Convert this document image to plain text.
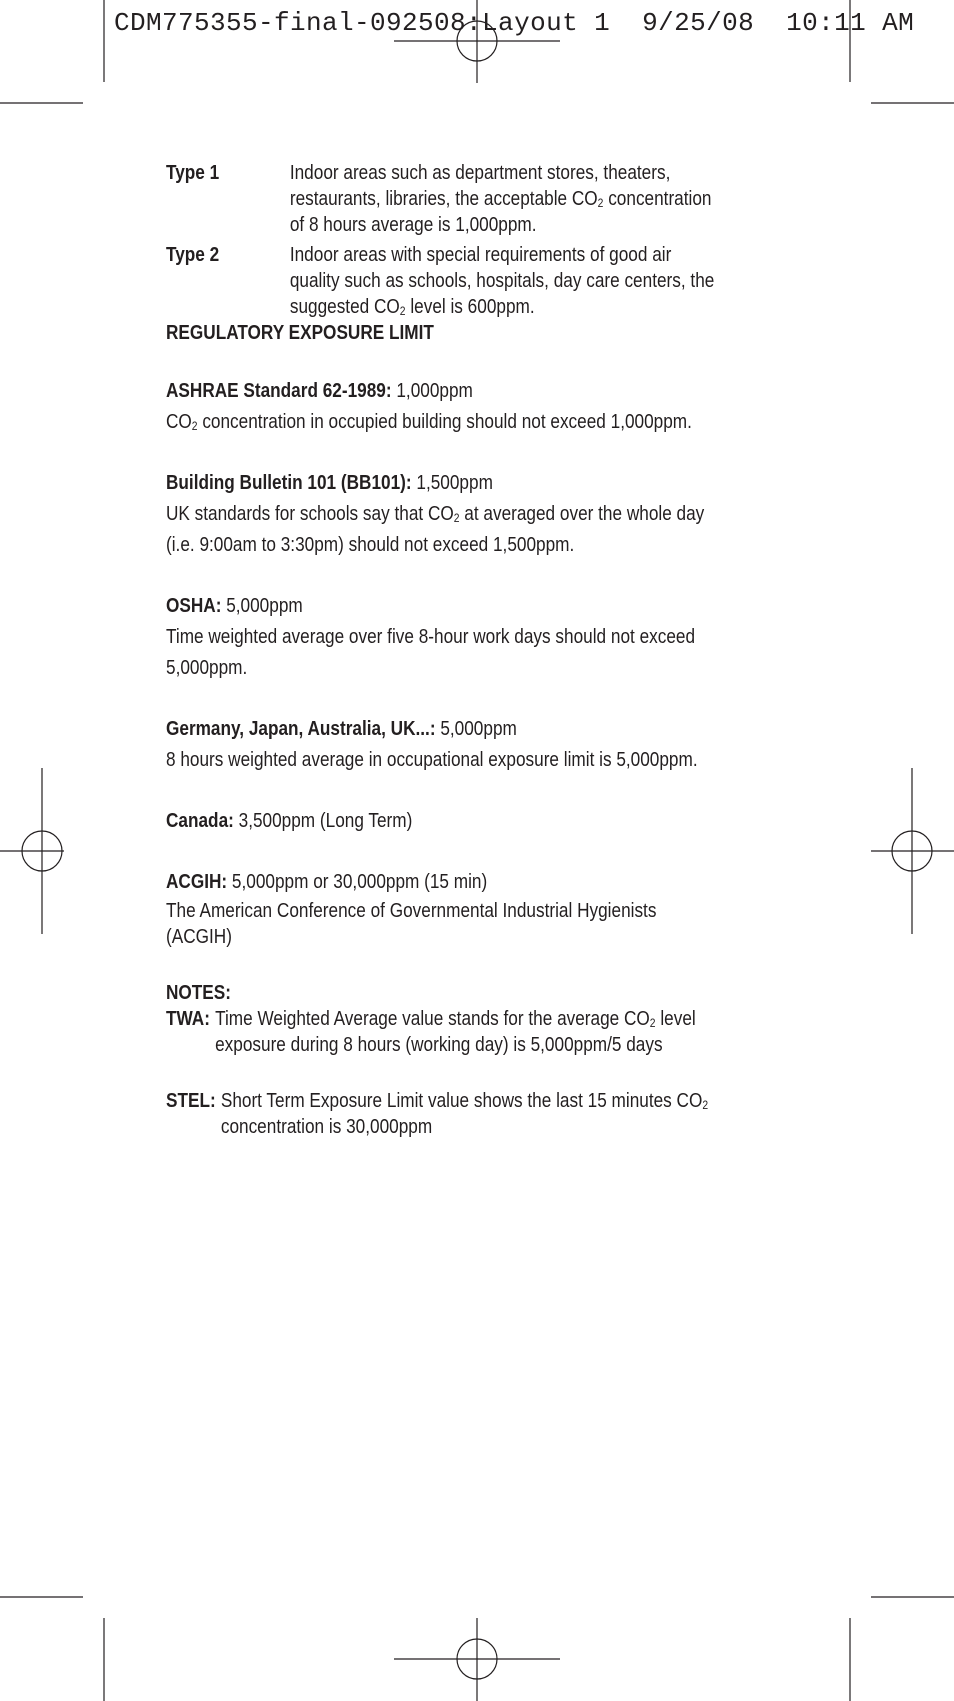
CDM775355-final-092508:Layout 1  9/25/08  10:11 AM

Type 1	Indoor areas such as department stores, theaters, restaurants, libraries, the acceptable $CO_2$ concentration of 8 hours average is 1,000ppm.
Type 2	Indoor areas with special requirements of good air quality such as schools, hospitals, day care centers, the suggested $CO_2$ level is 600ppm.

REGULATORY EXPOSURE LIMIT

ASHRAE Standard 62-1989: 1,000ppm

$CO_2$ concentration in occupied building should not exceed 1,000ppm.

Building Bulletin 101 (BB101): 1,500ppm

UK standards for schools say that $CO_2$ at averaged over the whole day (i.e. 9:00am to 3:30pm) should not exceed 1,500ppm.

OSHA: 5,000ppm

Time weighted average over five 8-hour work days should not exceed 5,000ppm.

Germany, Japan, Australia, UK...: 5,000ppm

8 hours weighted average in occupational exposure limit is 5,000ppm.

Canada: 3,500ppm (Long Term)

ACGIH: 5,000ppm or 30,000ppm (15 min)

The American Conference of Governmental Industrial Hygienists (ACGIH)

NOTES:

TWA: Time Weighted Average value stands for the average $CO_2$ level exposure during 8 hours (working day) is 5,000ppm/5 days
STEL: Short Term Exposure Limit value shows the last 15 minutes $CO_2$ concentration is 30,000ppm
